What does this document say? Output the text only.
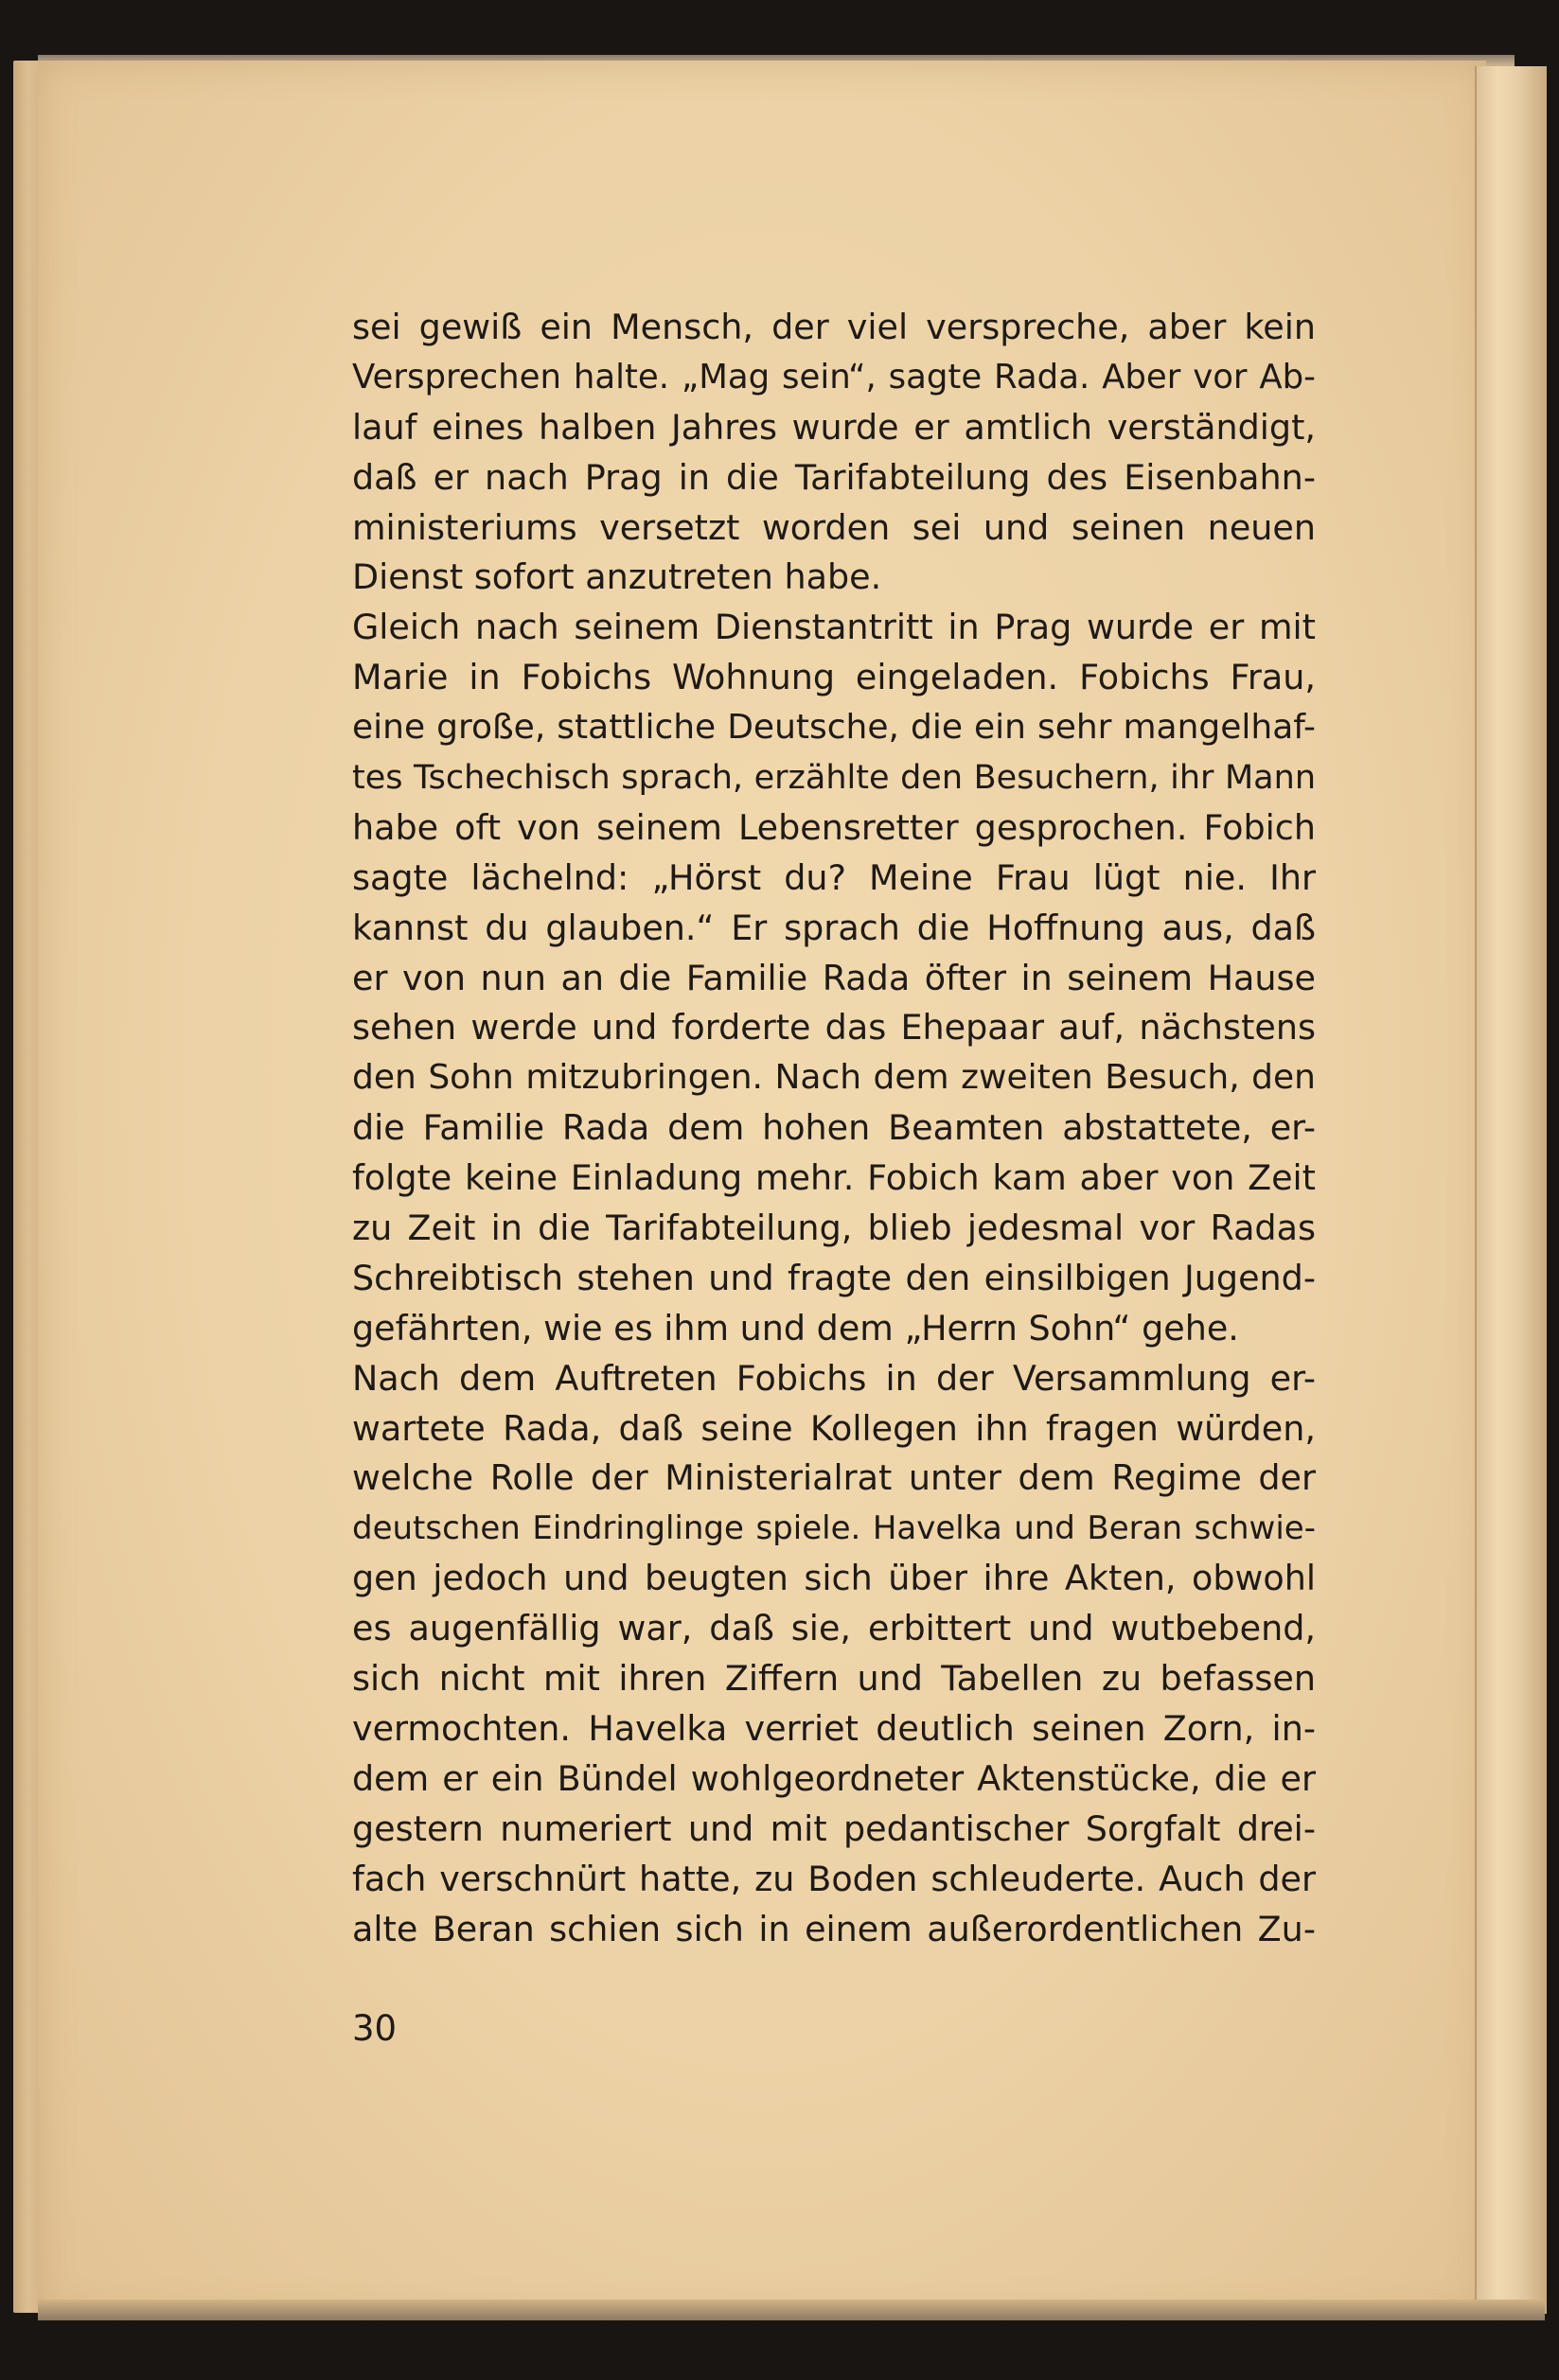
sei gewiß ein Mensch, der viel verspreche, aber kein
Versprechen halte. „Mag sein“, sagte Rada. Aber vor Ab-
lauf eines halben Jahres wurde er amtlich verständigt,
daß er nach Prag in die Tarifabteilung des Eisenbahn-
ministeriums versetzt worden sei und seinen neuen
Dienst sofort anzutreten habe.
Gleich nach seinem Dienstantritt in Prag wurde er mit
Marie in Fobichs Wohnung eingeladen. Fobichs Frau,
eine große, stattliche Deutsche, die ein sehr mangelhaf-
tes Tschechisch sprach, erzählte den Besuchern, ihr Mann
habe oft von seinem Lebensretter gesprochen. Fobich
sagte lächelnd: „Hörst du? Meine Frau lügt nie. Ihr
kannst du glauben.“ Er sprach die Hoffnung aus, daß
er von nun an die Familie Rada öfter in seinem Hause
sehen werde und forderte das Ehepaar auf, nächstens
den Sohn mitzubringen. Nach dem zweiten Besuch, den
die Familie Rada dem hohen Beamten abstattete, er-
folgte keine Einladung mehr. Fobich kam aber von Zeit
zu Zeit in die Tarifabteilung, blieb jedesmal vor Radas
Schreibtisch stehen und fragte den einsilbigen Jugend-
gefährten, wie es ihm und dem „Herrn Sohn“ gehe.
Nach dem Auftreten Fobichs in der Versammlung er-
wartete Rada, daß seine Kollegen ihn fragen würden,
welche Rolle der Ministerialrat unter dem Regime der
deutschen Eindringlinge spiele. Havelka und Beran schwie-
gen jedoch und beugten sich über ihre Akten, obwohl
es augenfällig war, daß sie, erbittert und wutbebend,
sich nicht mit ihren Ziffern und Tabellen zu befassen
vermochten. Havelka verriet deutlich seinen Zorn, in-
dem er ein Bündel wohlgeordneter Aktenstücke, die er
gestern numeriert und mit pedantischer Sorgfalt drei-
fach verschnürt hatte, zu Boden schleuderte. Auch der
alte Beran schien sich in einem außerordentlichen Zu-
30
